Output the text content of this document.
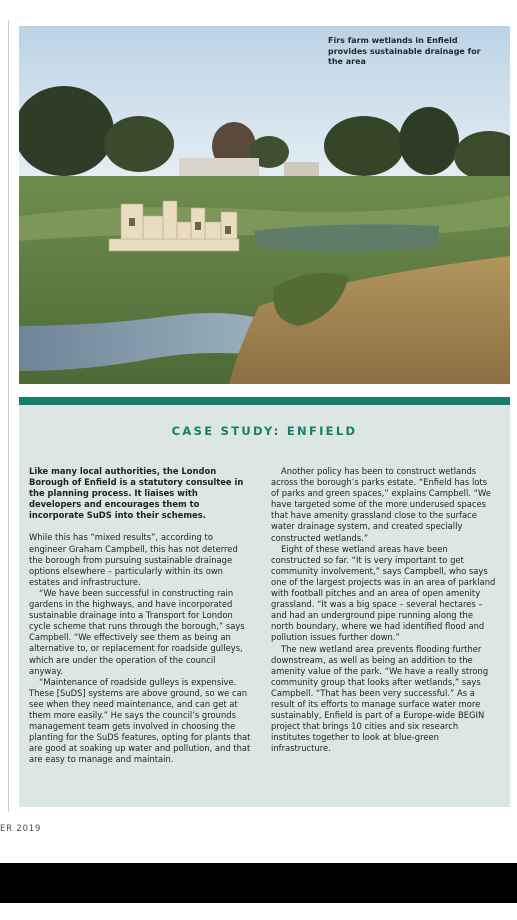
Firs farm wetlands in Enfield provides sustainable drainage for the area
CASE STUDY: ENFIELD

Like many local authorities, the London Borough of Enfield is a statutory consultee in the planning process. It liaises with developers and encourages them to incorporate SuDS into their schemes.

While this has “mixed results”, according to engineer Graham Campbell, this has not deterred the borough from pursuing sustainable drainage options elsewhere – particularly within its own estates and infrastructure.

“We have been successful in constructing rain gardens in the highways, and have incorporated sustainable drainage into a Transport for London cycle scheme that runs through the borough,” says Campbell. “We effectively see them as being an alternative to, or replacement for roadside gulleys, which are under the operation of the council anyway.

“Maintenance of roadside gulleys is expensive. These [SuDS] systems are above ground, so we can see when they need maintenance, and can get at them more easily.” He says the council’s grounds management team gets involved in choosing the planting for the SuDS features, opting for plants that are good at soaking up water and pollution, and that are easy to manage and maintain.

Another policy has been to construct wetlands across the borough’s parks estate. “Enfield has lots of parks and green spaces,” explains Campbell. “We have targeted some of the more underused spaces that have amenity grassland close to the surface water drainage system, and created specially constructed wetlands.”

Eight of these wetland areas have been constructed so far. “It is very important to get community involvement,” says Campbell, who says one of the largest projects was in an area of parkland with football pitches and an area of open amenity grassland. “It was a big space – several hectares – and had an underground pipe running along the north boundary, where we had identified flood and pollution issues further down.”

The new wetland area prevents flooding further downstream, as well as being an addition to the amenity value of the park. “We have a really strong community group that looks after wetlands,” says Campbell. “That has been very successful.” As a result of its efforts to manage surface water more sustainably, Enfield is part of a Europe-wide BEGIN project that brings 10 cities and six research institutes together to look at blue-green infrastructure.

ER 2019
